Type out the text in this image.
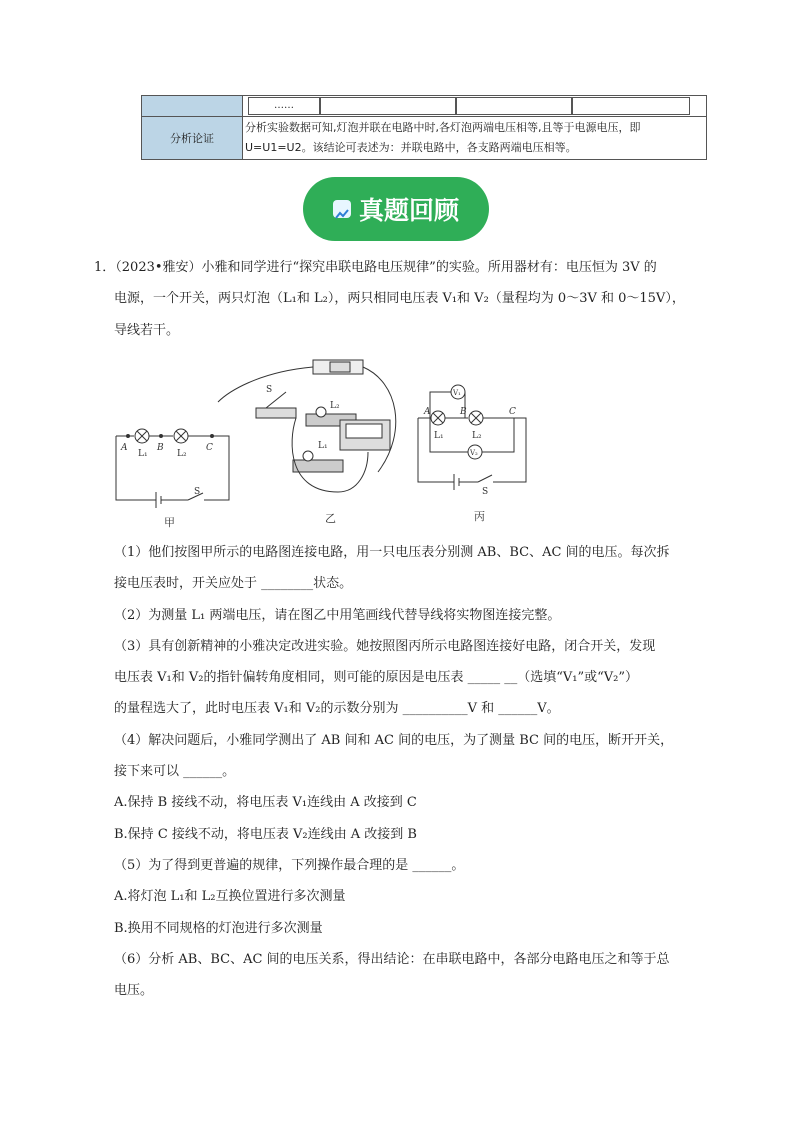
	……

分析论证	分析实验数据可知,灯泡并联在电路中时,各灯泡两端电压相等,且等于电源电压，即U=U1=U2。该结论可表述为：并联电路中，各支路两端电压相等。
真题回顾

1．（2023•雅安）小雅和同学进行“探究串联电路电压规律”的实验。所用器材有：电压恒为 3V 的

电源，一个开关，两只灯泡（L₁和 L₂），两只相同电压表 V₁和 V₂（量程均为 0～3V 和 0～15V），

导线若干。

A	B	C
L₁	L₂
S
S
L₂
L₁
A	B	C
V₁
V₂
L₁	L₂
S
甲	乙	丙

（1）他们按图甲所示的电路图连接电路，用一只电压表分别测 AB、BC、AC 间的电压。每次拆

接电压表时，开关应处于 ________状态。

（2）为测量 L₁ 两端电压，请在图乙中用笔画线代替导线将实物图连接完整。

（3）具有创新精神的小雅决定改进实验。她按照图丙所示电路图连接好电路，闭合开关，发现

电压表 V₁和 V₂的指针偏转角度相同，则可能的原因是电压表 _____ __（选填“V₁”或“V₂”）

的量程选大了，此时电压表 V₁和 V₂的示数分别为 __________V 和 ______V。

（4）解决问题后，小雅同学测出了 AB 间和 AC 间的电压，为了测量 BC 间的电压，断开开关，

接下来可以 ______。

A.保持 B 接线不动，将电压表 V₁连线由 A 改接到 C

B.保持 C 接线不动，将电压表 V₂连线由 A 改接到 B

（5）为了得到更普遍的规律，下列操作最合理的是 ______。

A.将灯泡 L₁和 L₂互换位置进行多次测量

B.换用不同规格的灯泡进行多次测量

（6）分析 AB、BC、AC 间的电压关系，得出结论：在串联电路中，各部分电路电压之和等于总

电压。
